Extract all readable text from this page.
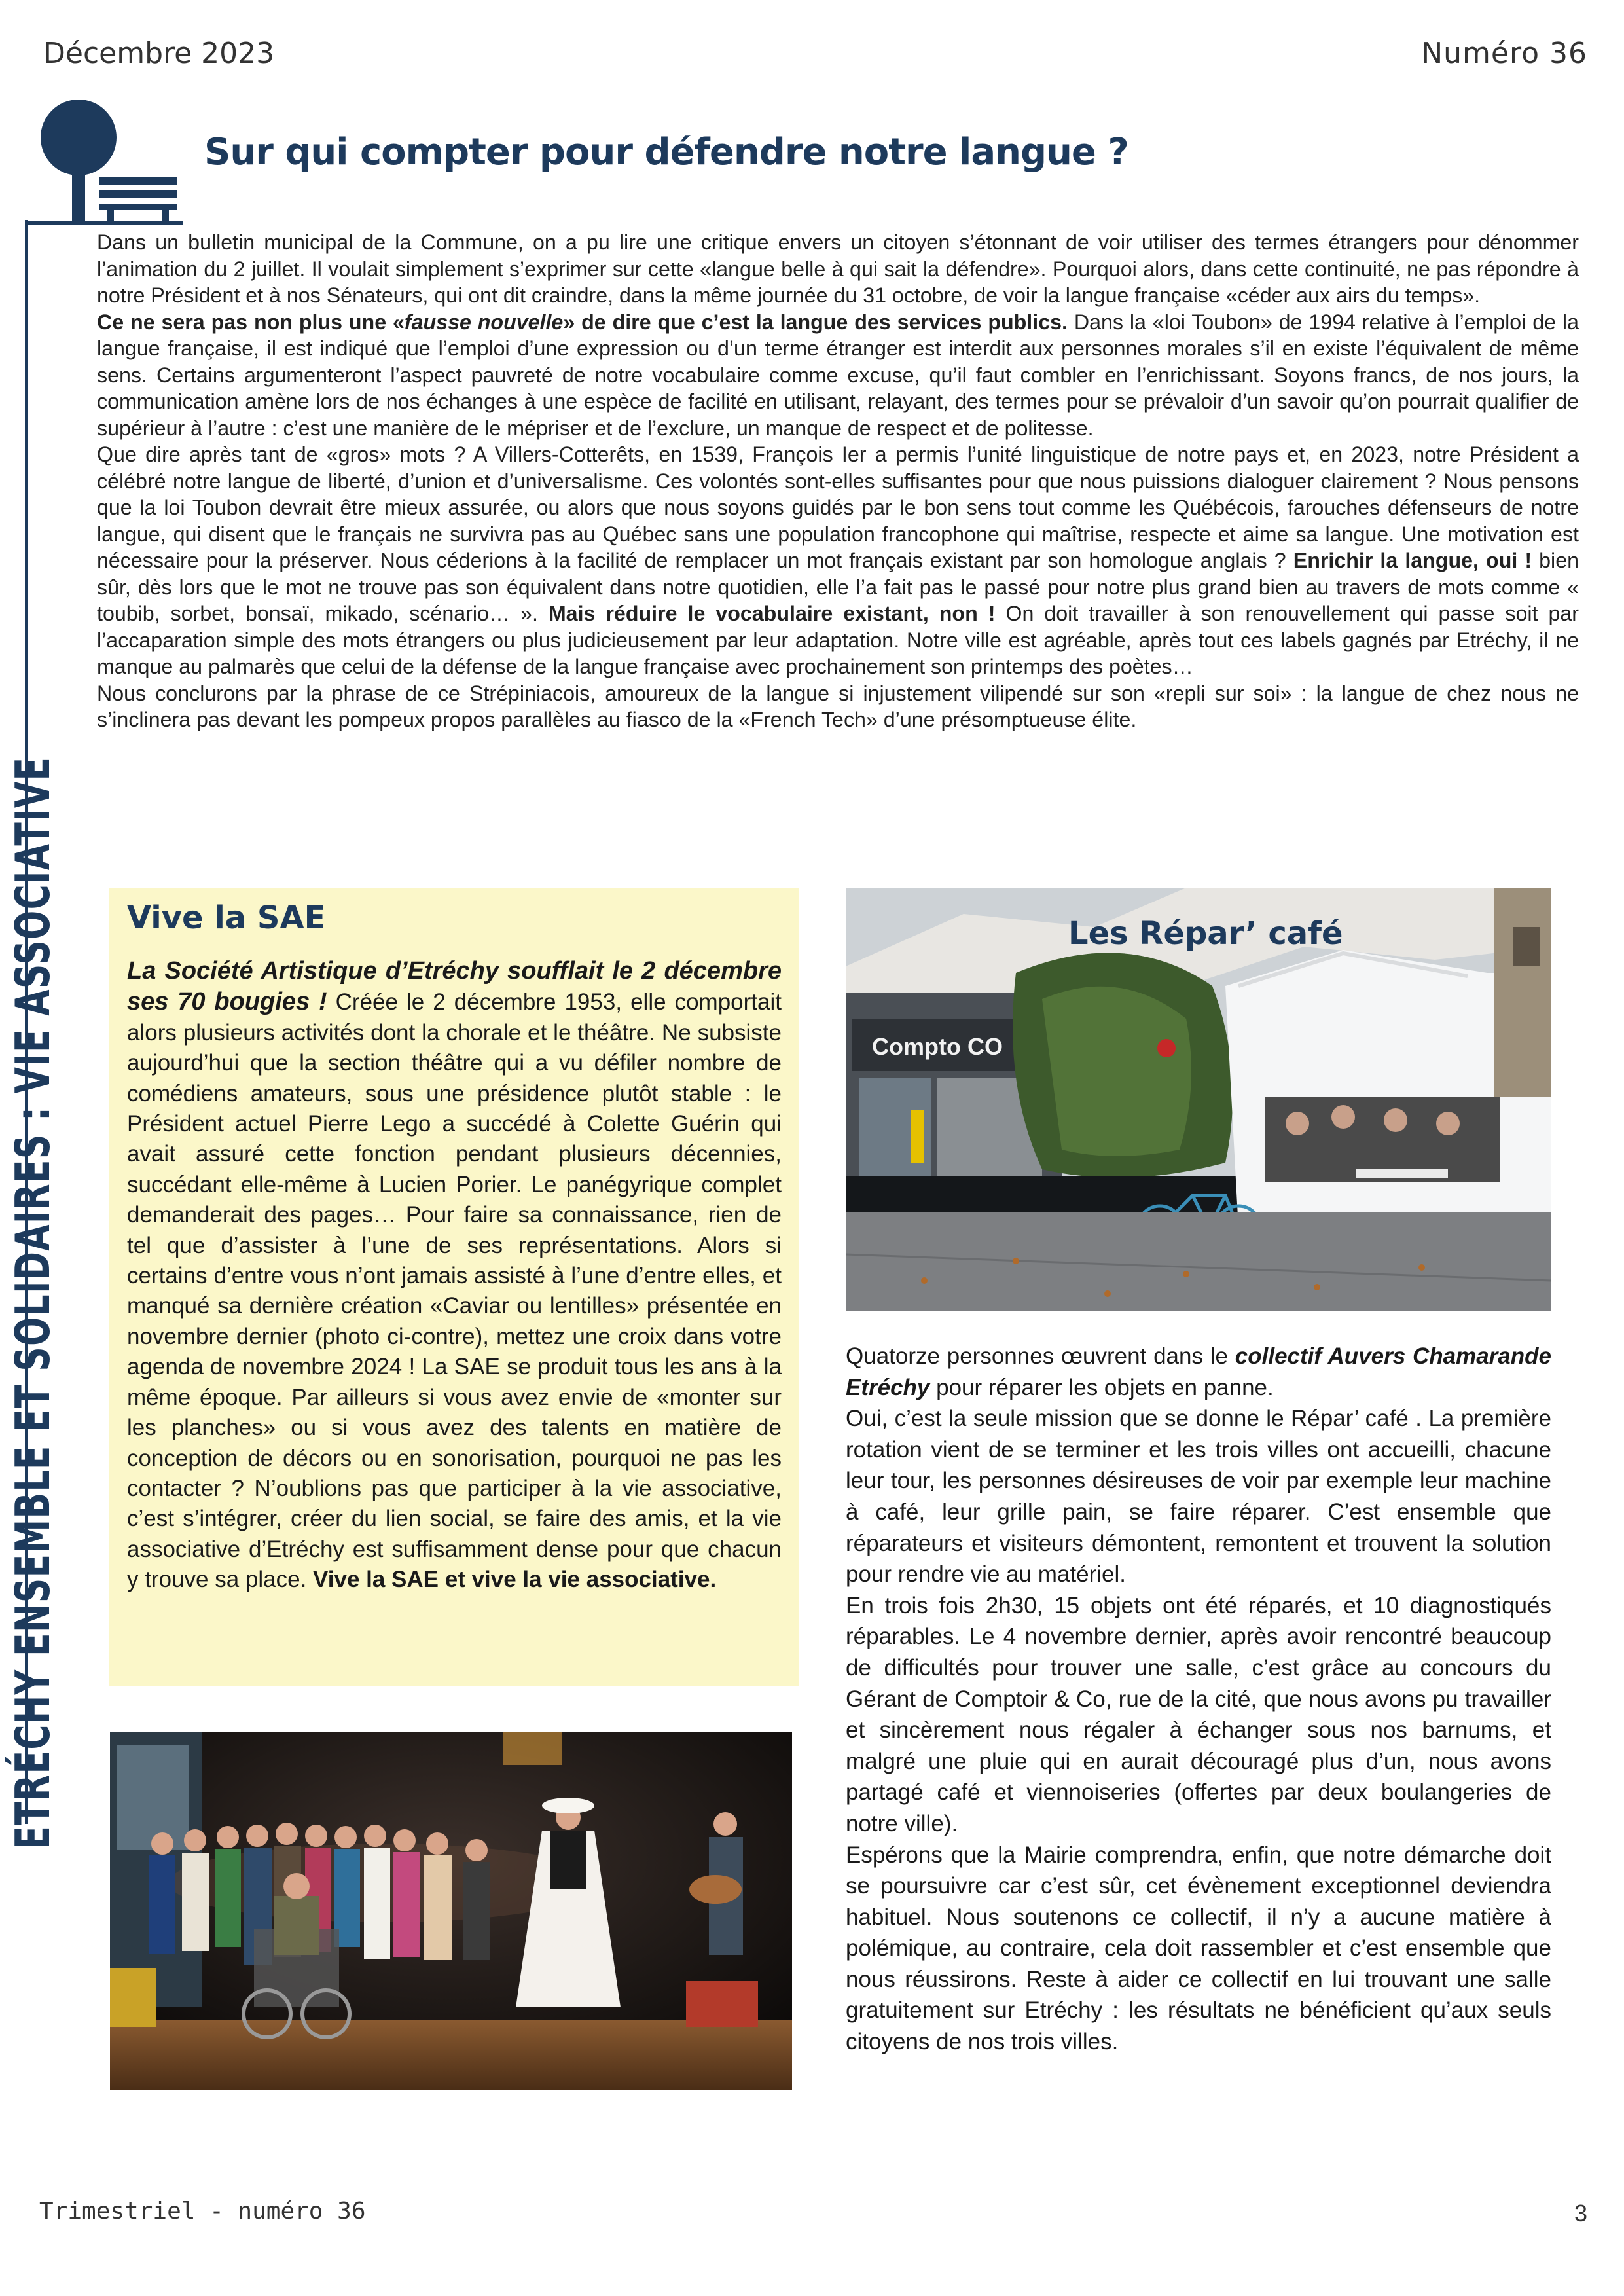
Décembre 2023	Numéro 36
ETRÉCHY ENSEMBLE ET SOLIDAIRES : VIE ASSOCIATIVE
Sur qui compter pour défendre notre langue ?

Dans un bulletin municipal de la Commune, on a pu lire une critique envers un citoyen s’étonnant de voir utiliser des termes étrangers pour dénommer l’animation du 2 juillet. Il voulait simplement s’exprimer sur cette «langue belle à qui sait la défendre». Pourquoi alors, dans cette continuité, ne pas répondre à notre Président et à nos Sénateurs, qui ont dit craindre, dans la même journée du 31 octobre, de voir la langue française «céder aux airs du temps».

Ce ne sera pas non plus une «fausse nouvelle» de dire que c’est la langue des services publics. Dans la «loi Toubon» de 1994 relative à l’emploi de la langue française, il est indiqué que l’emploi d’une expression ou d’un terme étranger est interdit aux personnes morales s’il en existe l’équivalent de même sens. Certains argumenteront l’aspect pauvreté de notre vocabulaire comme excuse, qu’il faut combler en l’enrichissant. Soyons francs, de nos jours, la communication amène lors de nos échanges à une espèce de facilité en utilisant, relayant, des termes pour se prévaloir d’un savoir qu’on pourrait qualifier de supérieur à l’autre : c’est une manière de le mépriser et de l’exclure, un manque de respect et de politesse.

Que dire après tant de «gros» mots ? A Villers-Cotterêts, en 1539, François Ier a permis l’unité linguistique de notre pays et, en 2023, notre Président a célébré notre langue de liberté, d’union et d’universalisme. Ces volontés sont-elles suffisantes pour que nous puissions dialoguer clairement ? Nous pensons que la loi Toubon devrait être mieux assurée, ou alors que nous soyons guidés par le bon sens tout comme les Québécois, farouches défenseurs de notre langue, qui disent que le français ne survivra pas au Québec sans une population francophone qui maîtrise, respecte et aime sa langue. Une motivation est nécessaire pour la préserver. Nous céderions à la facilité de remplacer un mot français existant par son homologue anglais ? Enrichir la langue, oui ! bien sûr, dès lors que le mot ne trouve pas son équivalent dans notre quotidien, elle l’a fait pas le passé pour notre plus grand bien au travers de mots comme « toubib, sorbet, bonsaï, mikado, scénario… ». Mais réduire le vocabulaire existant, non ! On doit travailler à son renouvellement qui passe soit par l’accaparation simple des mots étrangers ou plus judicieusement par leur adaptation. Notre ville est agréable, après tout ces labels gagnés par Etréchy, il ne manque au palmarès que celui de la défense de la langue française avec prochainement son printemps des poètes…

Nous conclurons par la phrase de ce Strépiniacois, amoureux de la langue si injustement vilipendé sur son «repli sur soi» : la langue de chez nous ne s’inclinera pas devant les pompeux propos parallèles au fiasco de la «French Tech» d’une présomptueuse élite.

Vive la SAE
La Société Artistique d’Etréchy soufflait le 2 décembre ses 70 bougies ! Créée le 2 décembre 1953, elle comportait alors plusieurs activités dont la chorale et le théâtre. Ne subsiste aujourd’hui que la section théâtre qui a vu défiler nombre de comédiens amateurs, sous une présidence plutôt stable : le Président actuel Pierre Lego a succédé à Colette Guérin qui avait assuré cette fonction pendant plusieurs décennies, succédant elle-même à Lucien Porier. Le panégyrique complet demanderait des pages… Pour faire sa connaissance, rien de tel que d’assister à l’une de ses représentations. Alors si certains d’entre vous n’ont jamais assisté à l’une d’entre elles, et manqué sa dernière création «Caviar ou lentilles» présentée en novembre dernier (photo ci-contre), mettez une croix dans votre agenda de novembre 2024 ! La SAE se produit tous les ans à la même époque. Par ailleurs si vous avez envie de «monter sur les planches» ou si vous avez des talents en matière de conception de décors ou en sonorisation, pourquoi ne pas les contacter ? N’oublions pas que participer à la vie associative, c’est s’intégrer, créer du lien social, se faire des amis, et la vie associative d’Etréchy est suffisamment dense pour que chacun y trouve sa place. Vive la SAE et vive la vie associative.
Compto CO
Les Répar’ café

Quatorze personnes œuvrent dans le collectif Auvers Chamarande Etréchy pour réparer les objets en panne.

Oui, c’est la seule mission que se donne le Répar’ café . La première rotation vient de se terminer et les trois villes ont accueilli, chacune leur tour, les personnes désireuses de voir par exemple leur machine à café, leur grille pain, se faire réparer. C’est ensemble que réparateurs et visiteurs démontent, remontent et trouvent la solution pour rendre vie au matériel.

En trois fois 2h30, 15 objets ont été réparés, et 10 diagnostiqués réparables. Le 4 novembre dernier, après avoir rencontré beaucoup de difficultés pour trouver une salle, c’est grâce au concours du Gérant de Comptoir & Co, rue de la cité, que nous avons pu travailler et sincèrement nous régaler à échanger sous nos barnums, et malgré une pluie qui en aurait découragé plus d’un, nous avons partagé café et viennoiseries (offertes par deux boulangeries de notre ville).

Espérons que la Mairie comprendra, enfin, que notre démarche doit se poursuivre car c’est sûr, cet évènement exceptionnel deviendra habituel. Nous soutenons ce collectif, il n’y a aucune matière à polémique, au contraire, cela doit rassembler et c’est ensemble que nous réussirons. Reste à aider ce collectif en lui trouvant une salle gratuitement sur Etréchy : les résultats ne bénéficient qu’aux seuls citoyens de nos trois villes.

Trimestriel - numéro 36	3
